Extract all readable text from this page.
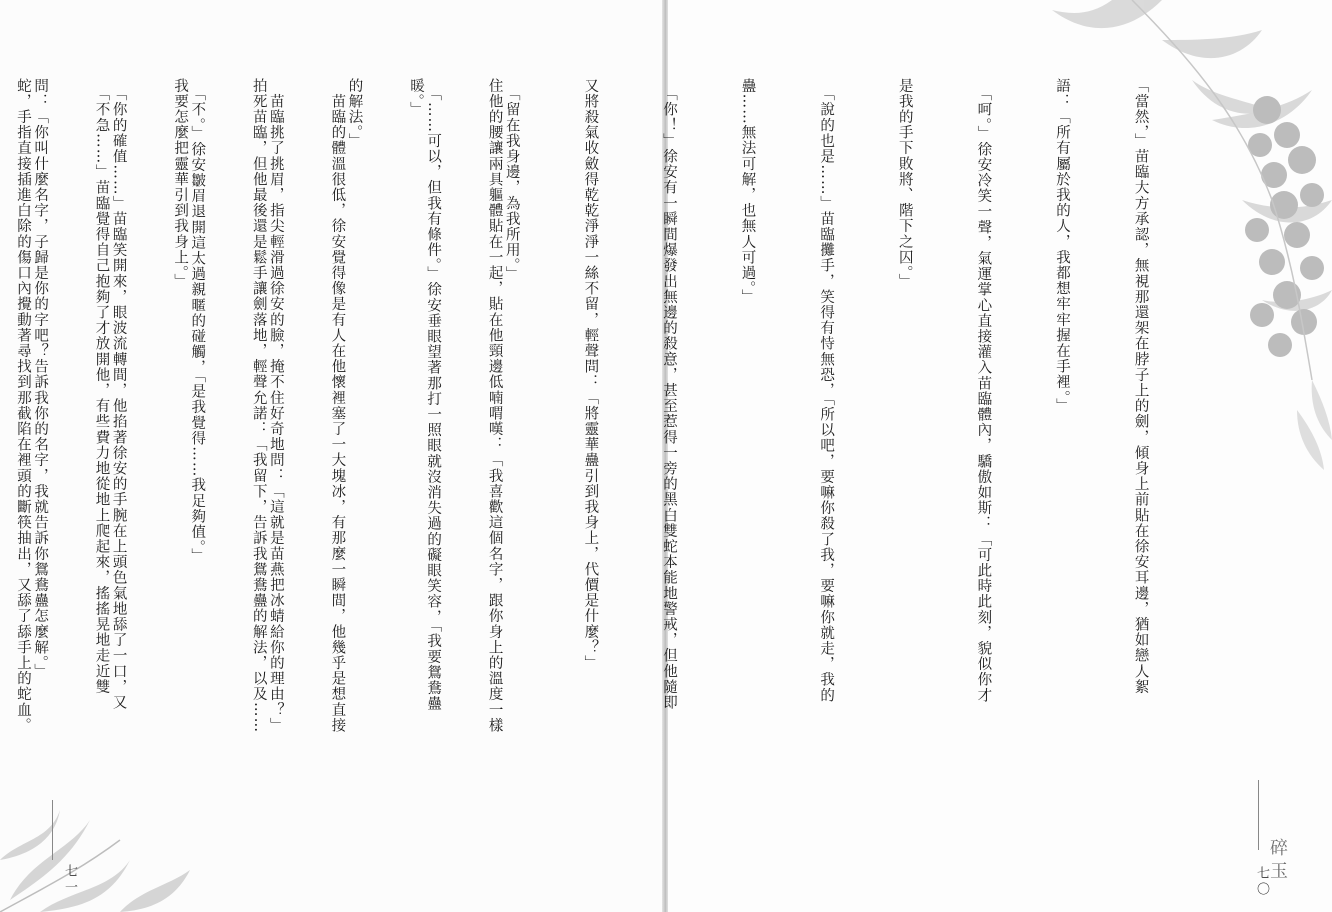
住他的腰讓兩具軀體貼在一起，貼在他頸邊低喃喟嘆：「我喜歡這個名字，跟你身上的溫度一樣

暖。」

　苗臨的體溫很低，徐安覺得像是有人在他懷裡塞了一大塊冰，有那麼一瞬間，他幾乎是想直接

拍死苗臨，但他最後還是鬆手讓劍落地，輕聲允諾：「我留下，告訴我鴛鴦蠱的解法，以及……

我要怎麼把靈華引到我身上。」

　「不急……」苗臨覺得自己抱夠了才放開他，有些費力地從地上爬起來，搖搖晃地走近雙

蛇，手指直接插進白除的傷口內攪動著尋找到那截陷在裡頭的斷筷抽出，又舔了舔手上的蛇血。

七一

「當然，」苗臨大方承認，無視那還架在脖子上的劍，傾身上前貼在徐安耳邊，猶如戀人絮

語：「所有屬於我的人，我都想牢牢握在手裡。」

　「呵。」徐安冷笑一聲，氣運掌心直接灌入苗臨體內，驕傲如斯：「可此時此刻，貌似你才

是我的手下敗將、階下之囚。」

　「說的也是……」苗臨攤手，笑得有恃無恐，「所以吧，要嘛你殺了我，要嘛你就走，我的

蠱……無法可解，也無人可過。」

　「你！」徐安有一瞬間爆發出無邊的殺意，甚至惹得一旁的黑白雙蛇本能地警戒，但他隨即

又將殺氣收斂得乾乾淨淨一絲不留，輕聲問：「將靈華蠱引到我身上，代價是什麼？」

　「留在我身邊，為我所用。」

　「……可以，但我有條件。」徐安垂眼望著那打一照眼就沒消失過的礙眼笑容，「我要鴛鴦蠱

的解法。」

　苗臨挑了挑眉，指尖輕滑過徐安的臉，掩不住好奇地問：「這就是苗燕把冰蜻給你的理由？」

　「不。」徐安皺眉退開這太過親暱的碰觸，「是我覺得……我足夠值。」

　「你的確值……」苗臨笑開來，眼波流轉間，他掐著徐安的手腕在上頭色氣地舔了一口，又

問：「你叫什麼名字，子歸是你的字吧？告訴我你的名字，我就告訴你鴛鴦蠱怎麼解。」

碎玉
七〇
